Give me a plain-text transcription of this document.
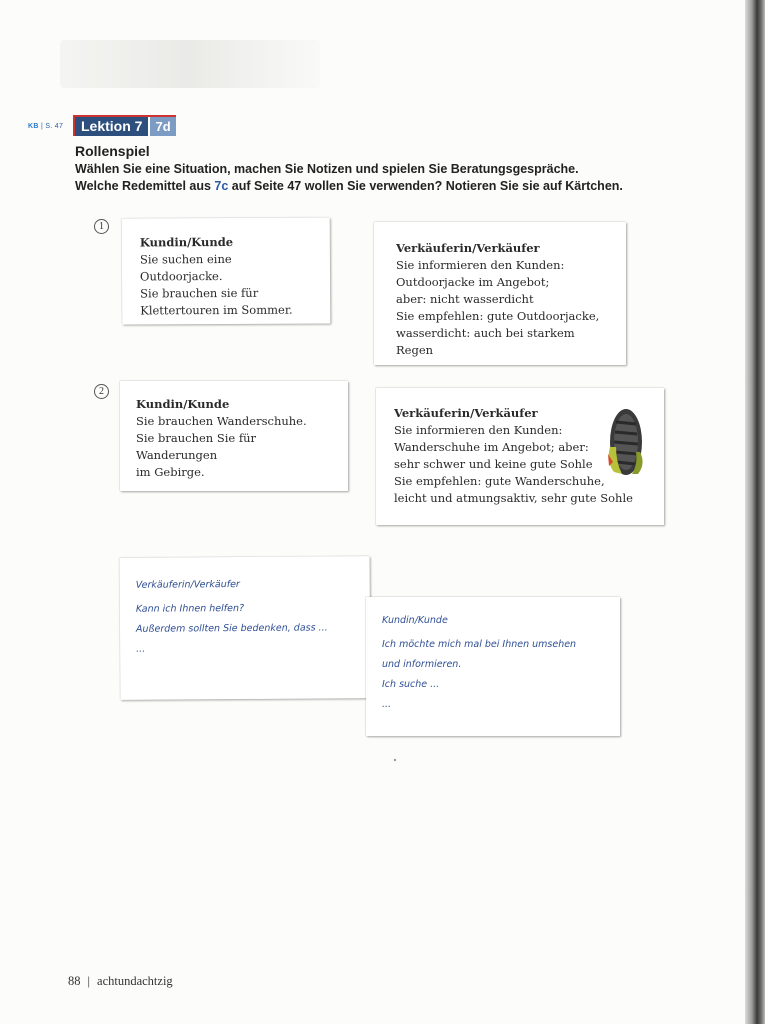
KB | S. 47	Lektion 7	7d
Rollenspiel
Wählen Sie eine Situation, machen Sie Notizen und spielen Sie Beratungsgespräche.
Welche Redemittel aus 7c auf Seite 47 wollen Sie verwenden? Notieren Sie sie auf Kärtchen.
1

Kundin/Kunde

Sie suchen eine Outdoorjacke.

Sie brauchen sie für

Klettertouren im Sommer.

Verkäuferin/Verkäufer

Sie informieren den Kunden:

Outdoorjacke im Angebot;

aber: nicht wasserdicht

Sie empfehlen: gute Outdoorjacke,

wasserdicht: auch bei starkem Regen

2

Kundin/Kunde

Sie brauchen Wanderschuhe.

Sie brauchen Sie für Wanderungen

im Gebirge.

Verkäuferin/Verkäufer

Sie informieren den Kunden:

Wanderschuhe im Angebot; aber:

sehr schwer und keine gute Sohle

Sie empfehlen: gute Wanderschuhe,

leicht und atmungsaktiv, sehr gute Sohle

Verkäuferin/Verkäufer

Kann ich Ihnen helfen?

Außerdem sollten Sie bedenken, dass ...

...

Kundin/Kunde

Ich möchte mich mal bei Ihnen umsehen

und informieren.

Ich suche ...

...

88 | achtundachtzig
